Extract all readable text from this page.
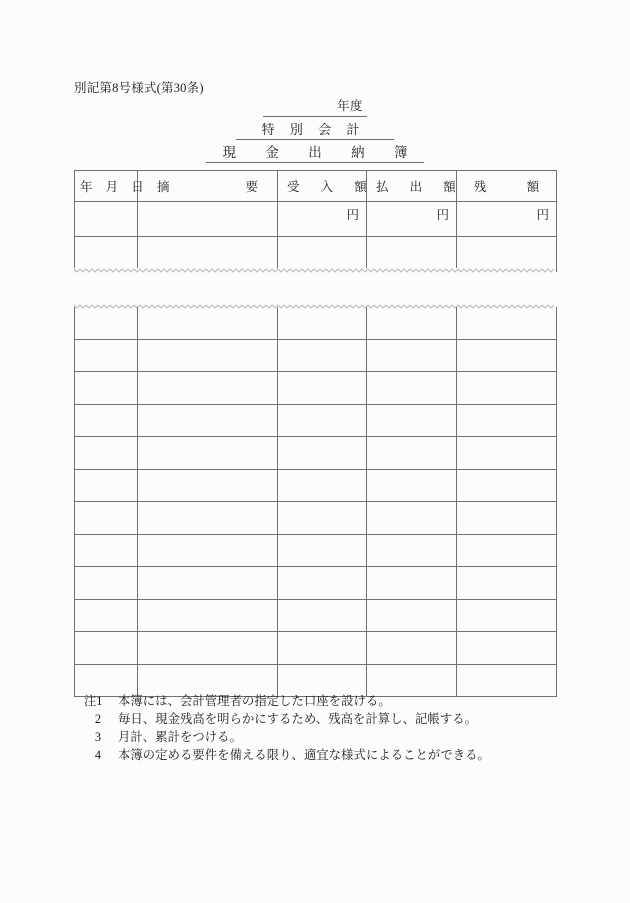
別記第8号様式(第30条)
年度
特 別 会 計
現 金 出 納 簿
年 月 日	摘　　要	受 入 額	払 出 額	残　額
		円	円	円

注1	本簿には、会計管理者の指定した口座を設ける。
2	毎日、現金残高を明らかにするため、残高を計算し、記帳する。
3	月計、累計をつける。
4	本簿の定める要件を備える限り、適宜な様式によることができる。
